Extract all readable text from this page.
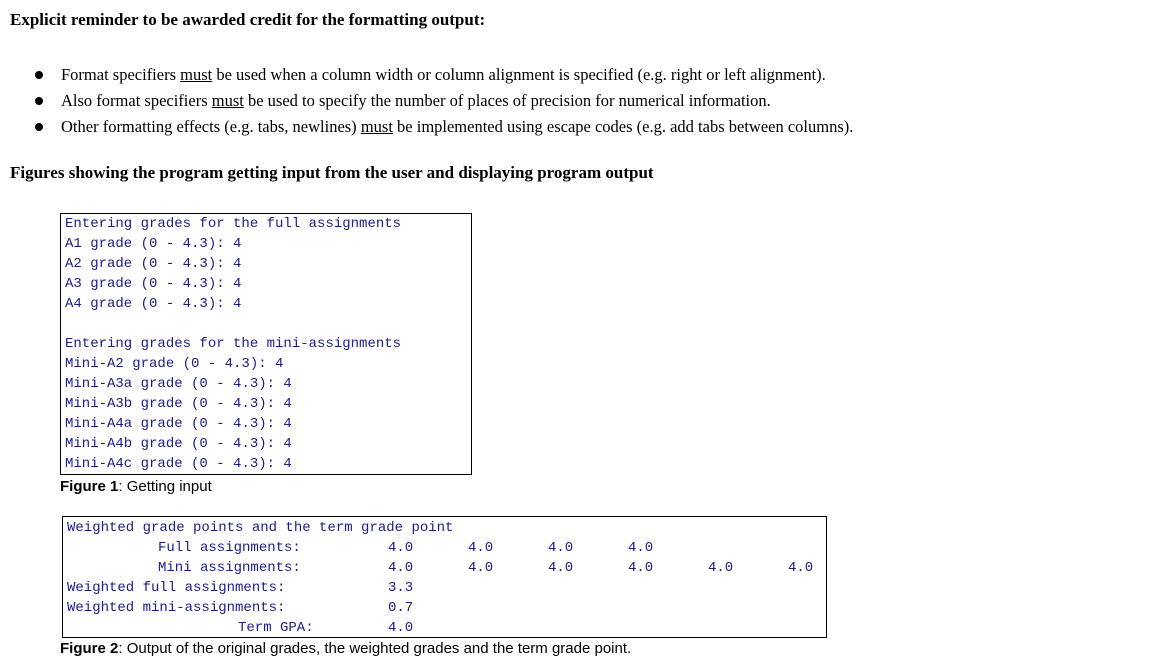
Explicit reminder to be awarded credit for the formatting output:
Format specifiers must be used when a column width or column alignment is specified (e.g. right or left alignment).
Also format specifiers must be used to specify the number of places of precision for numerical information.
Other formatting effects (e.g. tabs, newlines) must be implemented using escape codes (e.g. add tabs between columns).
Figures showing the program getting input from the user and displaying program output
Entering grades for the full assignments
A1 grade (0 - 4.3): 4
A2 grade (0 - 4.3): 4
A3 grade (0 - 4.3): 4
A4 grade (0 - 4.3): 4
Entering grades for the mini-assignments
Mini-A2 grade (0 - 4.3): 4
Mini-A3a grade (0 - 4.3): 4
Mini-A3b grade (0 - 4.3): 4
Mini-A4a grade (0 - 4.3): 4
Mini-A4b grade (0 - 4.3): 4
Mini-A4c grade (0 - 4.3): 4
Figure 1: Getting input
Weighted grade points and the term grade point
Full assignments:	4.0	4.0	4.0	4.0
Mini assignments:	4.0	4.0	4.0	4.0	4.0	4.0
Weighted full assignments:	3.3
Weighted mini-assignments:	0.7
Term GPA:	4.0
Figure 2: Output of the original grades, the weighted grades and the term grade point.
